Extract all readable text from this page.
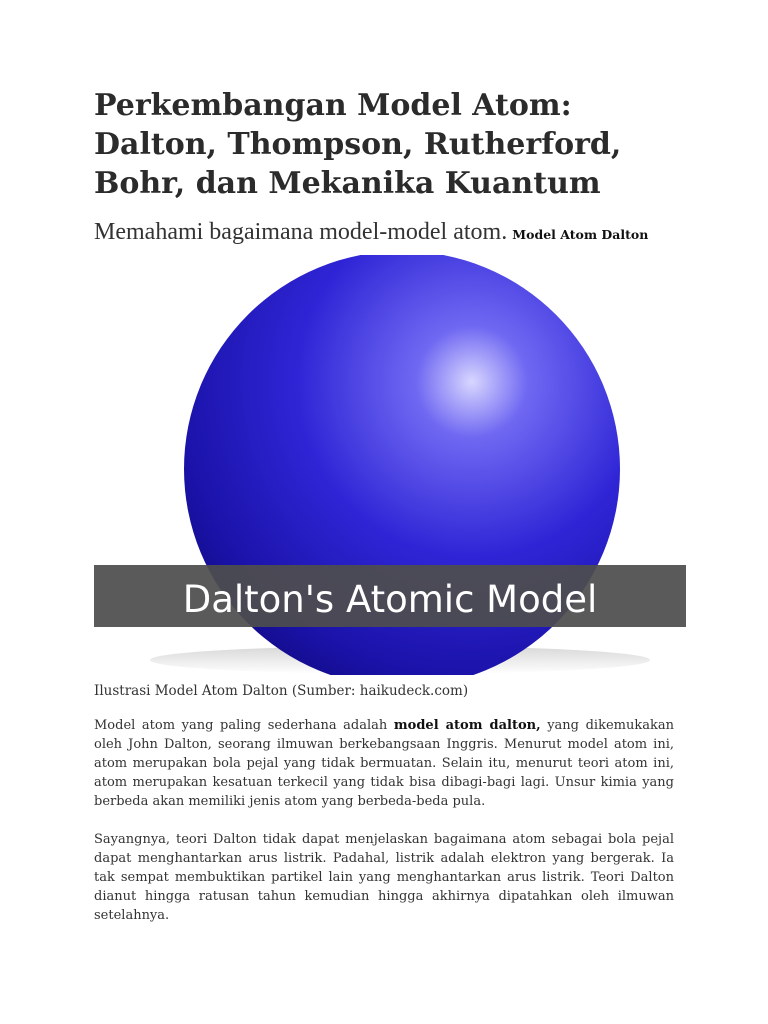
Perkembangan Model Atom: Dalton, Thompson, Rutherford, Bohr, dan Mekanika Kuantum
Memahami bagaimana model-model atom. Model Atom Dalton
Dalton's Atomic Model

Ilustrasi Model Atom Dalton (Sumber: haikudeck.com)

Model atom yang paling sederhana adalah model atom dalton, yang dikemukakan oleh John Dalton, seorang ilmuwan berkebangsaan Inggris. Menurut model atom ini, atom merupakan bola pejal yang tidak bermuatan. Selain itu, menurut teori atom ini, atom merupakan kesatuan terkecil yang tidak bisa dibagi-bagi lagi. Unsur kimia yang berbeda akan memiliki jenis atom yang berbeda-beda pula.

Sayangnya, teori Dalton tidak dapat menjelaskan bagaimana atom sebagai bola pejal dapat menghantarkan arus listrik. Padahal, listrik adalah elektron yang bergerak. Ia tak sempat membuktikan partikel lain yang menghantarkan arus listrik. Teori Dalton dianut hingga ratusan tahun kemudian hingga akhirnya dipatahkan oleh ilmuwan setelahnya.
